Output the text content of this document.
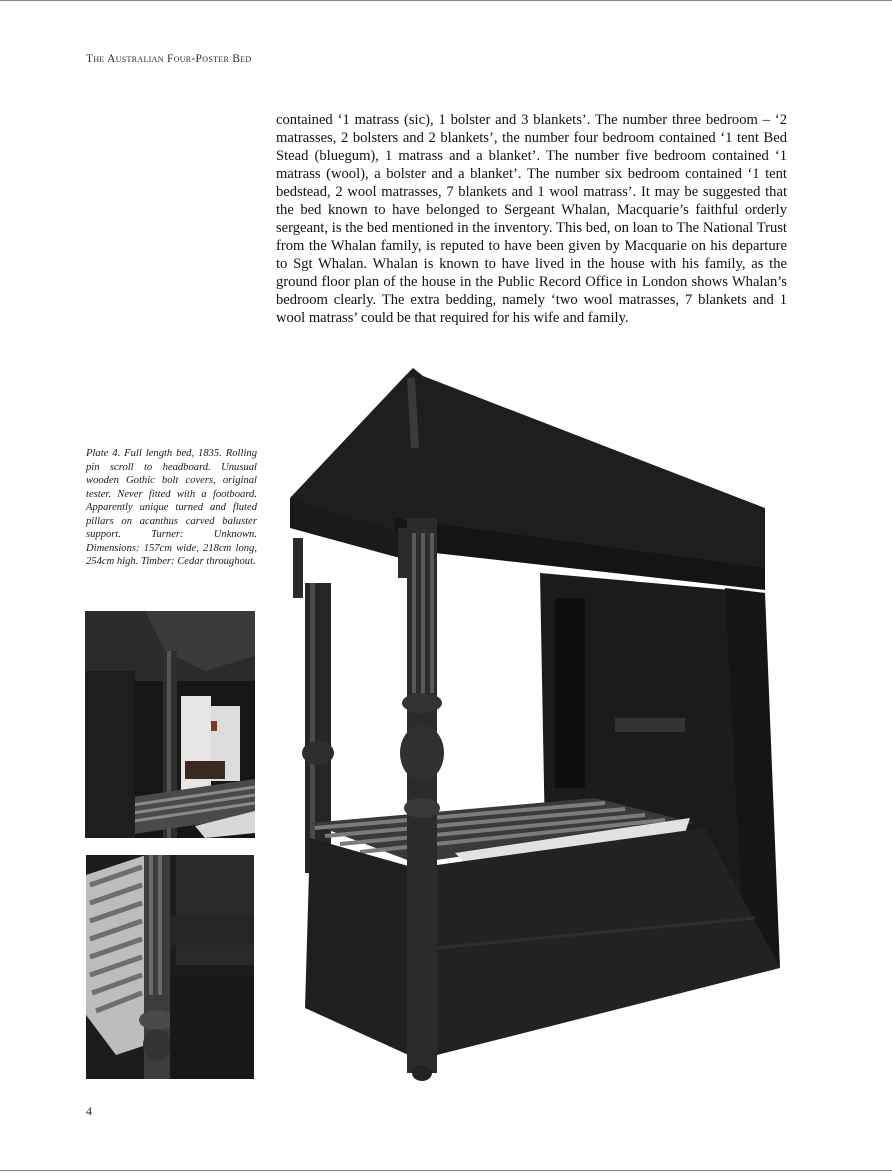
The Australian Four-Poster Bed

contained ‘1 matrass (sic), 1 bolster and 3 blankets’. The number three bedroom – ‘2 matrasses, 2 bolsters and 2 blankets’, the number four bedroom contained ‘1 tent Bed Stead (bluegum), 1 matrass and a blanket’. The number five bedroom contained ‘1 matrass (wool), a bolster and a blanket’. The number six bedroom contained ‘1 tent bedstead, 2 wool matrasses, 7 blankets and 1 wool matrass’. It may be suggested that the bed known to have belonged to Sergeant Whalan, Macquarie’s faithful orderly sergeant, is the bed mentioned in the inventory. This bed, on loan to The National Trust from the Whalan family, is reputed to have been given by Macquarie on his departure to Sgt Whalan. Whalan is known to have lived in the house with his family, as the ground floor plan of the house in the Public Record Office in London shows Whalan’s bedroom clearly. The extra bedding, namely ‘two wool matrasses, 7 blankets and 1 wool matrass’ could be that required for his wife and family.

Plate 4. Full length bed, 1835. Rolling pin scroll to headboard. Unusual wooden Gothic bolt covers, original tester. Never fitted with a footboard. Apparently unique turned and fluted pillars on acanthus carved baluster support. Turner: Unknown. Dimensions: 157cm wide, 218cm long, 254cm high. Timber: Cedar throughout.

4
